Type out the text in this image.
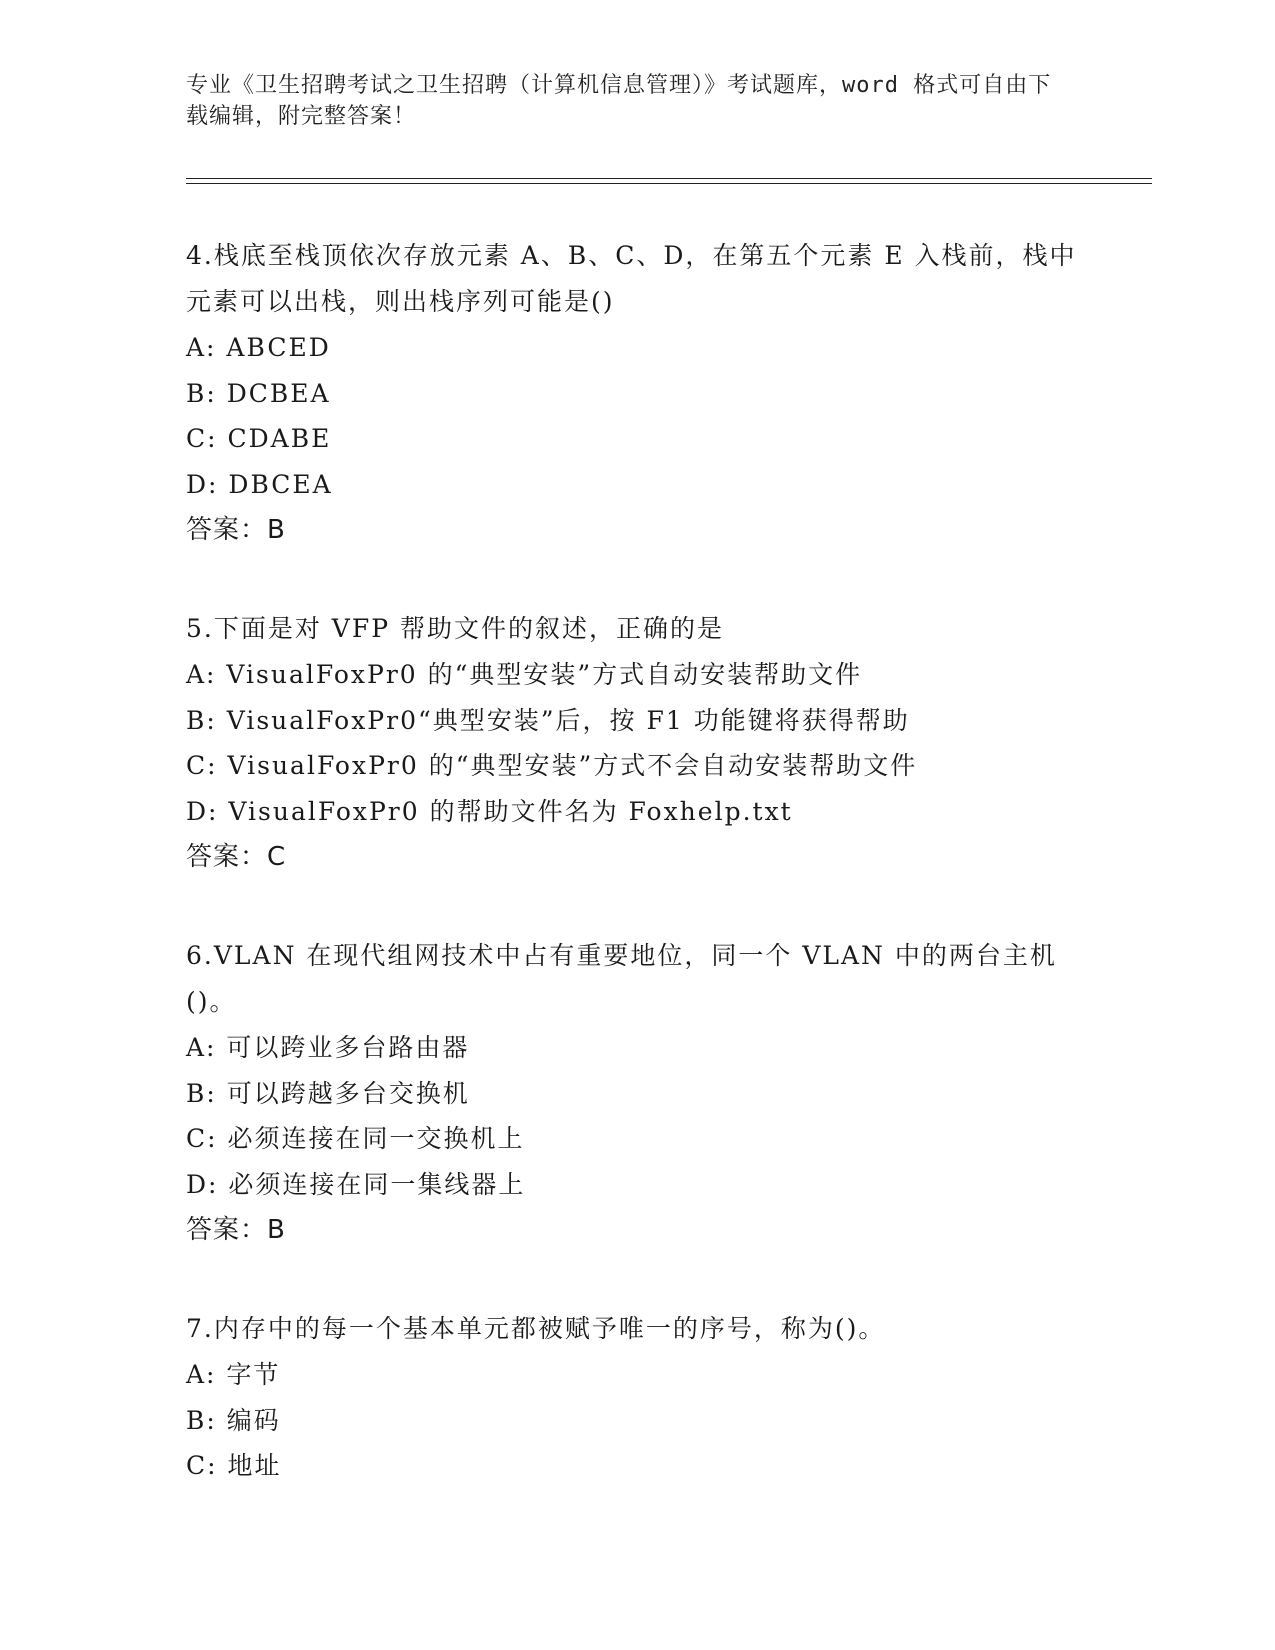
专业《卫生招聘考试之卫生招聘（计算机信息管理）》考试题库，word 格式可自由下载编辑，附完整答案！

4.栈底至栈顶依次存放元素 A、B、C、D，在第五个元素 E 入栈前，栈中元素可以出栈，则出栈序列可能是()

A: ABCED

B: DCBEA

C: CDABE

D: DBCEA

答案：B

5.下面是对 VFP 帮助文件的叙述，正确的是

A: VisualFoxPr0 的“典型安装”方式自动安装帮助文件

B: VisualFoxPr0“典型安装”后，按 F1 功能键将获得帮助

C: VisualFoxPr0 的“典型安装”方式不会自动安装帮助文件

D: VisualFoxPr0 的帮助文件名为 Foxhelp.txt

答案：C

6.VLAN 在现代组网技术中占有重要地位，同一个 VLAN 中的两台主机()。

A: 可以跨业多台路由器

B: 可以跨越多台交换机

C: 必须连接在同一交换机上

D: 必须连接在同一集线器上

答案：B

7.内存中的每一个基本单元都被赋予唯一的序号，称为()。

A: 字节

B: 编码

C: 地址
